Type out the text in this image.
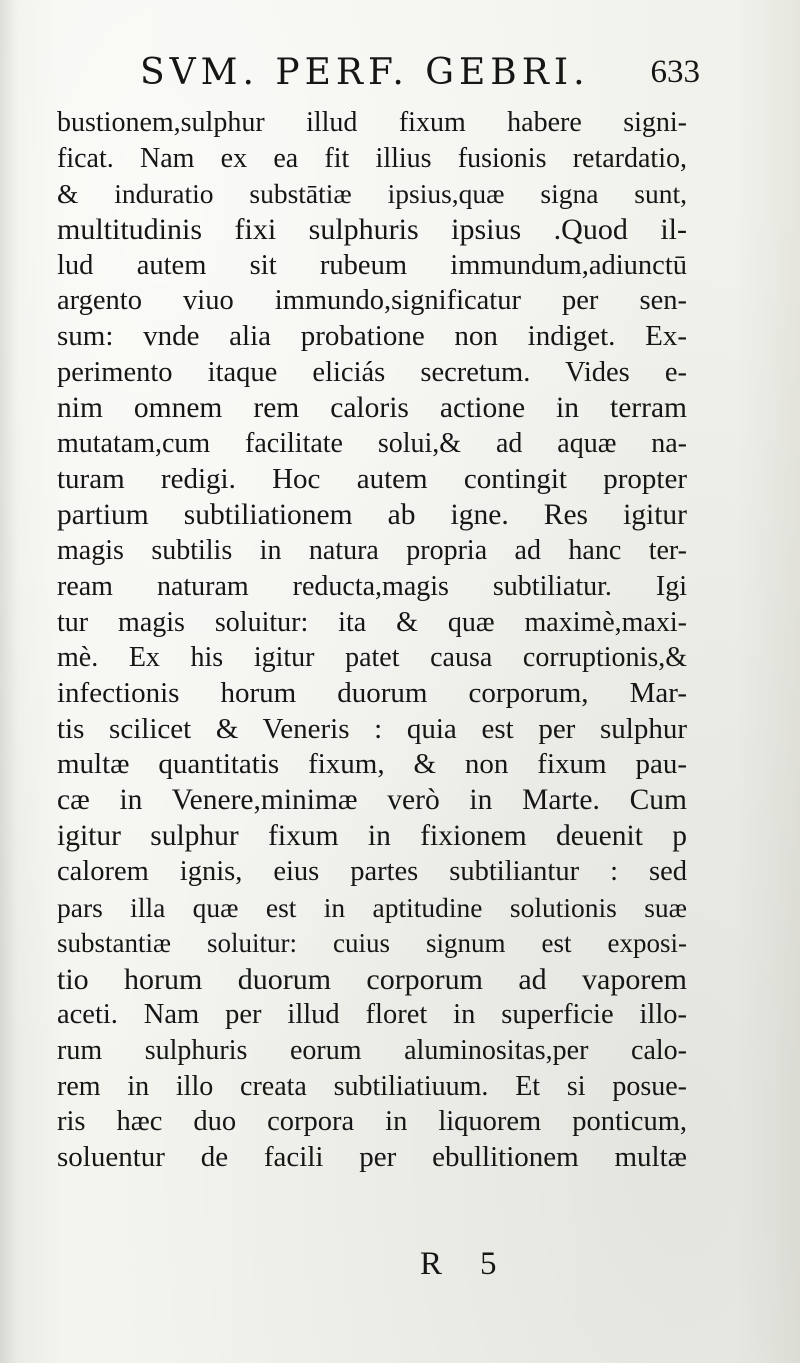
SVM. PERF. GEBRI. 633
bustionem,sulphur illud fixum habere signi-
ficat. Nam ex ea fit illius fusionis retardatio,
& induratio substātiæ ipsius,quæ signa sunt,
multitudinis fixi sulphuris ipsius .Quod il-
lud autem sit rubeum immundum,adiunctū
argento viuo immundo,significatur per sen-
sum: vnde alia probatione non indiget. Ex-
perimento itaque eliciás secretum. Vides e-
nim omnem rem caloris actione in terram
mutatam,cum facilitate solui,& ad aquæ na-
turam redigi. Hoc autem contingit propter
partium subtiliationem ab igne. Res igitur
magis subtilis in natura propria ad hanc ter-
ream naturam reducta,magis subtiliatur. Igi
tur magis soluitur: ita & quæ maximè,maxi-
mè. Ex his igitur patet causa corruptionis,&
infectionis horum duorum corporum, Mar-
tis scilicet & Veneris : quia est per sulphur
multæ quantitatis fixum, & non fixum pau-
cæ in Venere,minimæ verò in Marte. Cum
igitur sulphur fixum in fixionem deuenit p
calorem ignis, eius partes subtiliantur : sed
pars illa quæ est in aptitudine solutionis suæ
substantiæ soluitur: cuius signum est exposi-
tio horum duorum corporum ad vaporem
aceti. Nam per illud floret in superficie illo-
rum sulphuris eorum aluminositas,per calo-
rem in illo creata subtiliatiuum. Et si posue-
ris hæc duo corpora in liquorem ponticum,
soluentur de facili per ebullitionem multæ
R 5
